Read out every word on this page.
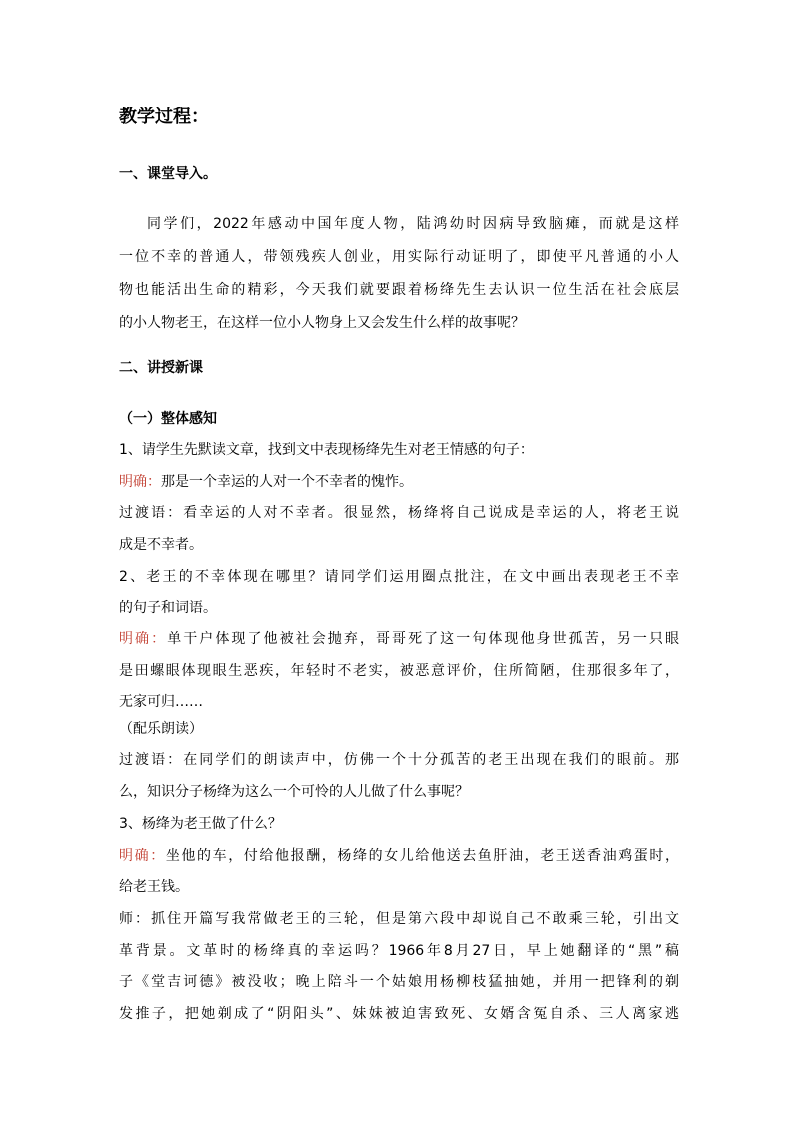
教学过程：
一、课堂导入。
同学们，2022年感动中国年度人物，陆鸿幼时因病导致脑瘫，而就是这样
一位不幸的普通人，带领残疾人创业，用实际行动证明了，即使平凡普通的小人
物也能活出生命的精彩，今天我们就要跟着杨绛先生去认识一位生活在社会底层
的小人物老王，在这样一位小人物身上又会发生什么样的故事呢？
二、讲授新课
（一）整体感知
1、请学生先默读文章，找到文中表现杨绛先生对老王情感的句子：
明确：那是一个幸运的人对一个不幸者的愧怍。
过渡语：看幸运的人对不幸者。很显然，杨绛将自己说成是幸运的人，将老王说
成是不幸者。
2、老王的不幸体现在哪里？请同学们运用圈点批注，在文中画出表现老王不幸
的句子和词语。
明确：单干户体现了他被社会抛弃，哥哥死了这一句体现他身世孤苦，另一只眼
是田螺眼体现眼生恶疾，年轻时不老实，被恶意评价，住所简陋，住那很多年了，
无家可归……
（配乐朗读）
过渡语：在同学们的朗读声中，仿佛一个十分孤苦的老王出现在我们的眼前。那
么，知识分子杨绛为这么一个可怜的人儿做了什么事呢？
3、杨绛为老王做了什么？
明确：坐他的车，付给他报酬，杨绛的女儿给他送去鱼肝油，老王送香油鸡蛋时，
给老王钱。
师：抓住开篇写我常做老王的三轮，但是第六段中却说自己不敢乘三轮，引出文
革背景。文革时的杨绛真的幸运吗？1966年8月27日，早上她翻译的“黑”稿
子《堂吉诃德》被没收；晚上陪斗一个姑娘用杨柳枝猛抽她，并用一把锋利的剃
发推子，把她剃成了“阴阳头”、妹妹被迫害致死、女婿含冤自杀、三人离家逃
